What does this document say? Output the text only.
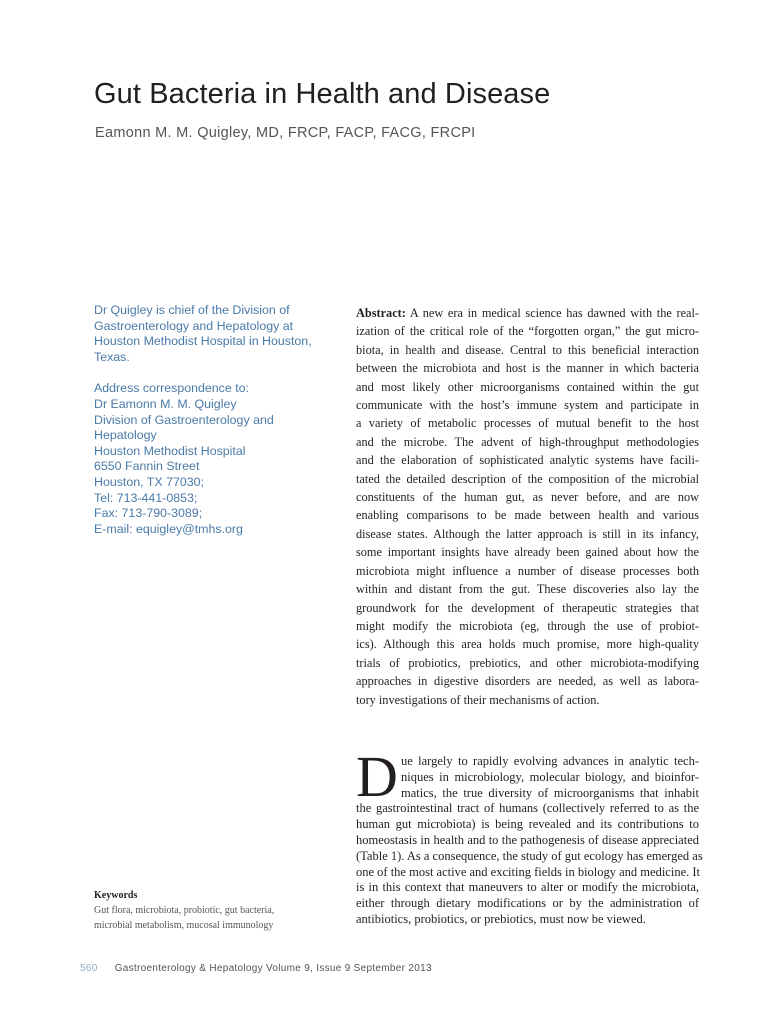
Gut Bacteria in Health and Disease
Eamonn M. M. Quigley, MD, FRCP, FACP, FACG, FRCPI
Dr Quigley is chief of the Division of
Gastroenterology and Hepatology at
Houston Methodist Hospital in Houston,
Texas.
Address correspondence to:
Dr Eamonn M. M. Quigley
Division of Gastroenterology and
Hepatology
Houston Methodist Hospital
6550 Fannin Street
Houston, TX 77030;
Tel: 713-441-0853;
Fax: 713-790-3089;
E-mail: equigley@tmhs.org
Abstract: A new era in medical science has dawned with the real-
ization of the critical role of the “forgotten organ,” the gut micro-
biota, in health and disease. Central to this beneficial interaction
between the microbiota and host is the manner in which bacteria
and most likely other microorganisms contained within the gut
communicate with the host’s immune system and participate in
a variety of metabolic processes of mutual benefit to the host
and the microbe. The advent of high-throughput methodologies
and the elaboration of sophisticated analytic systems have facili-
tated the detailed description of the composition of the microbial
constituents of the human gut, as never before, and are now
enabling comparisons to be made between health and various
disease states. Although the latter approach is still in its infancy,
some important insights have already been gained about how the
microbiota might influence a number of disease processes both
within and distant from the gut. These discoveries also lay the
groundwork for the development of therapeutic strategies that
might modify the microbiota (eg, through the use of probiot-
ics). Although this area holds much promise, more high-quality
trials of probiotics, prebiotics, and other microbiota-modifying
approaches in digestive disorders are needed, as well as labora-
tory investigations of their mechanisms of action.
D ue largely to rapidly evolving advances in analytic tech-
niques in microbiology, molecular biology, and bioinfor-
matics, the true diversity of microorganisms that inhabit
the gastrointestinal tract of humans (collectively referred to as the
human gut microbiota) is being revealed and its contributions to
homeostasis in health and to the pathogenesis of disease appreciated
(Table 1). As a consequence, the study of gut ecology has emerged as
one of the most active and exciting fields in biology and medicine. It
is in this context that maneuvers to alter or modify the microbiota,
either through dietary modifications or by the administration of
antibiotics, probiotics, or prebiotics, must now be viewed.
Keywords
Gut flora, microbiota, probiotic, gut bacteria,
microbial metabolism, mucosal immunology
560 Gastroenterology & Hepatology Volume 9, Issue 9 September 2013
